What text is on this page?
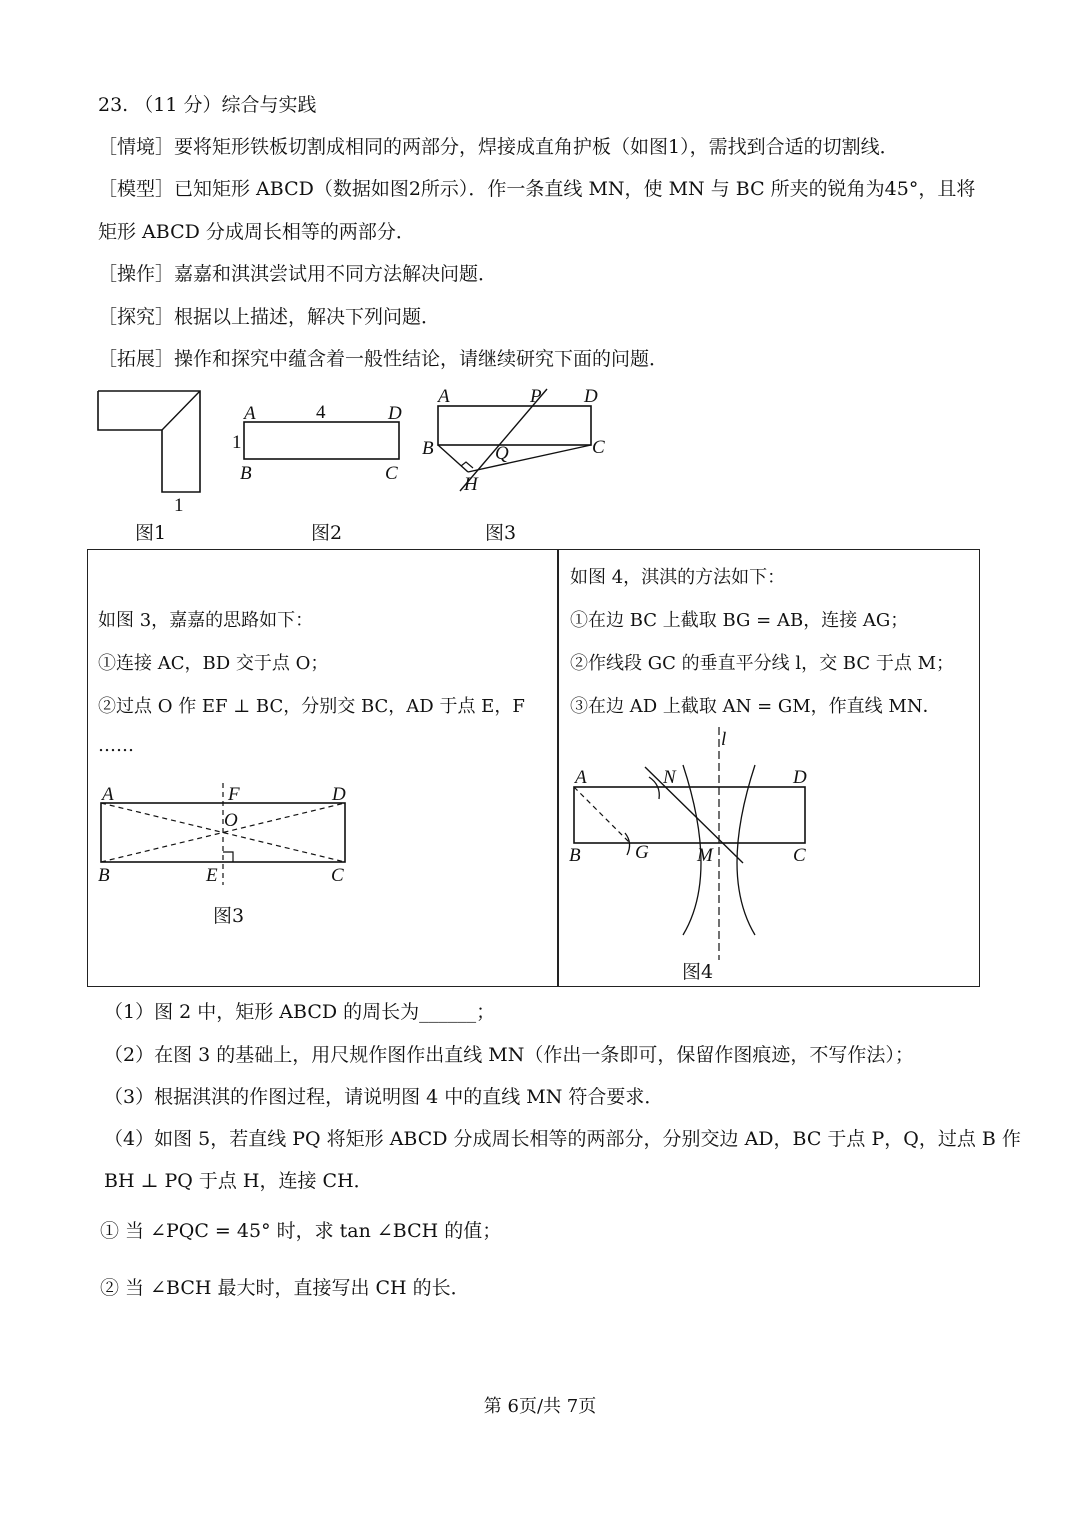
23. （11 分）综合与实践
［情境］要将矩形铁板切割成相同的两部分，焊接成直角护板（如图1），需找到合适的切割线．
［模型］已知矩形 ABCD（数据如图2所示）．作一条直线 MN，使 MN 与 BC 所夹的锐角为45°，且将
矩形 ABCD 分成周长相等的两部分．
［操作］嘉嘉和淇淇尝试用不同方法解决问题．
［探究］根据以上描述，解决下列问题．
［拓展］操作和探究中蕴含着一般性结论，请继续研究下面的问题．
1
图1
A	4	D
1
B	C
图2
A	P D
B	Q	C
H
图3
如图 3，嘉嘉的思路如下：
①连接 AC，BD 交于点 O；
②过点 O 作 EF ⊥ BC，分别交 BC，AD 于点 E，F
……
A	F	D
O
B	E	C
图3
如图 4，淇淇的方法如下：
①在边 BC 上截取 BG = AB，连接 AG；
②作线段 GC 的垂直平分线 l，交 BC 于点 M；
③在边 AD 上截取 AN = GM，作直线 MN．
l
A	N	D
B	G	M	C
图4
（1）图 2 中，矩形 ABCD 的周长为______；
（2）在图 3 的基础上，用尺规作图作出直线 MN（作出一条即可，保留作图痕迹，不写作法）；
（3）根据淇淇的作图过程，请说明图 4 中的直线 MN 符合要求．
（4）如图 5，若直线 PQ 将矩形 ABCD 分成周长相等的两部分，分别交边 AD，BC 于点 P，Q，过点 B 作
BH ⊥ PQ 于点 H，连接 CH．
① 当 ∠PQC = 45° 时，求 tan ∠BCH 的值；
② 当 ∠BCH 最大时，直接写出 CH 的长．
第 6页/共 7页
